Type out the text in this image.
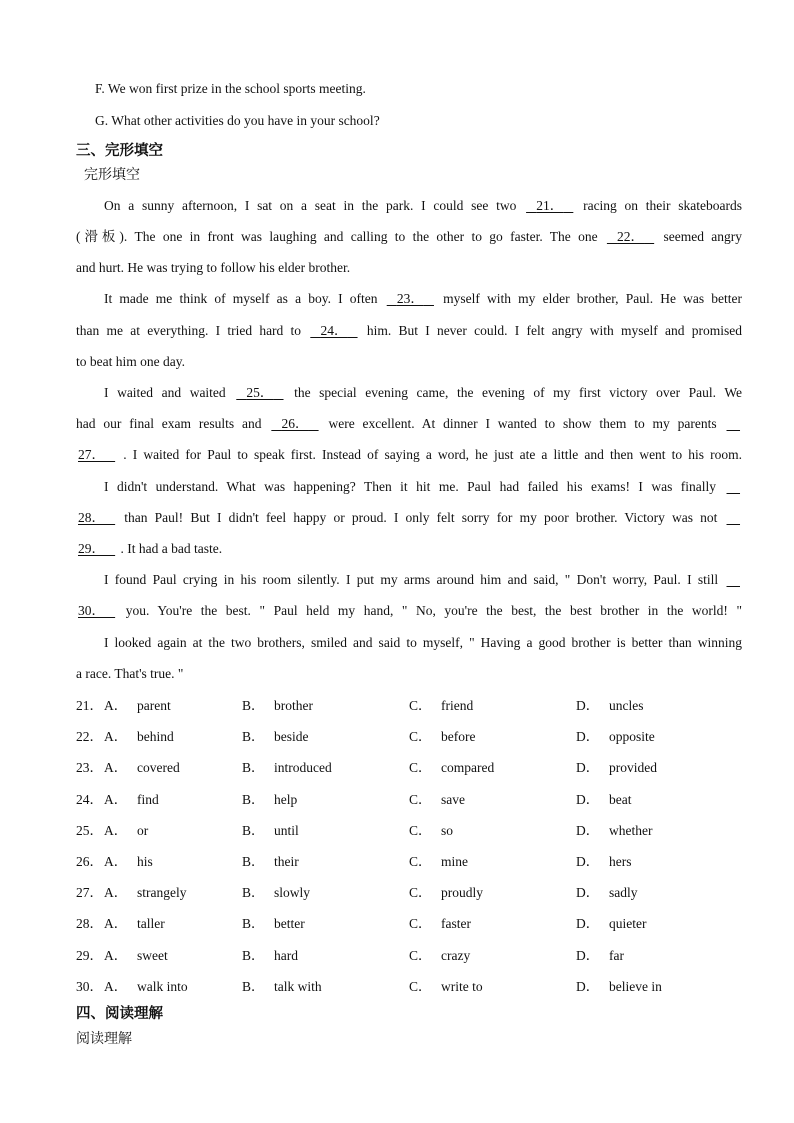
F. We won first prize in the school sports meeting.
G. What other activities do you have in your school?
三、完形填空
完形填空
On a sunny afternoon, I sat on a seat in the park. I could see two 21． racing on their skateboards
(滑板). The one in front was laughing and calling to the other to go faster. The one 22． seemed angry
and hurt. He was trying to follow his elder brother.
It made me think of myself as a boy. I often 23． myself with my elder brother, Paul. He was better
than me at everything. I tried hard to 24． him. But I never could. I felt angry with myself and promised
to beat him one day.
I waited and waited 25． the special evening came, the evening of my first victory over Paul. We
had our final exam results and 26． were excellent. At dinner I wanted to show them to my parents
27． . I waited for Paul to speak first. Instead of saying a word, he just ate a little and then went to his room.
I didn't understand. What was happening? Then it hit me. Paul had failed his exams! I was finally
28． than Paul! But I didn't feel happy or proud. I only felt sorry for my poor brother. Victory was not
29． . It had a bad taste.
I found Paul crying in his room silently. I put my arms around him and said, " Don't worry, Paul. I still
30． you. You're the best. " Paul held my hand, " No, you're the best, the best brother in the world! "
I looked again at the two brothers, smiled and said to myself, " Having a good brother is better than winning
a race. That's true. "
21． A． parent	B． brother	C． friend	D． uncles
22． A． behind	B． beside	C． before	D． opposite
23． A． covered	B． introduced	C． compared	D． provided
24． A． find	B． help	C． save	D． beat
25． A． or	B． until	C． so	D． whether
26． A． his	B． their	C． mine	D． hers
27． A． strangely	B． slowly	C． proudly	D． sadly
28． A． taller	B． better	C． faster	D． quieter
29． A． sweet	B． hard	C． crazy	D． far
30． A． walk into	B． talk with	C． write to	D． believe in
四、阅读理解
阅读理解
